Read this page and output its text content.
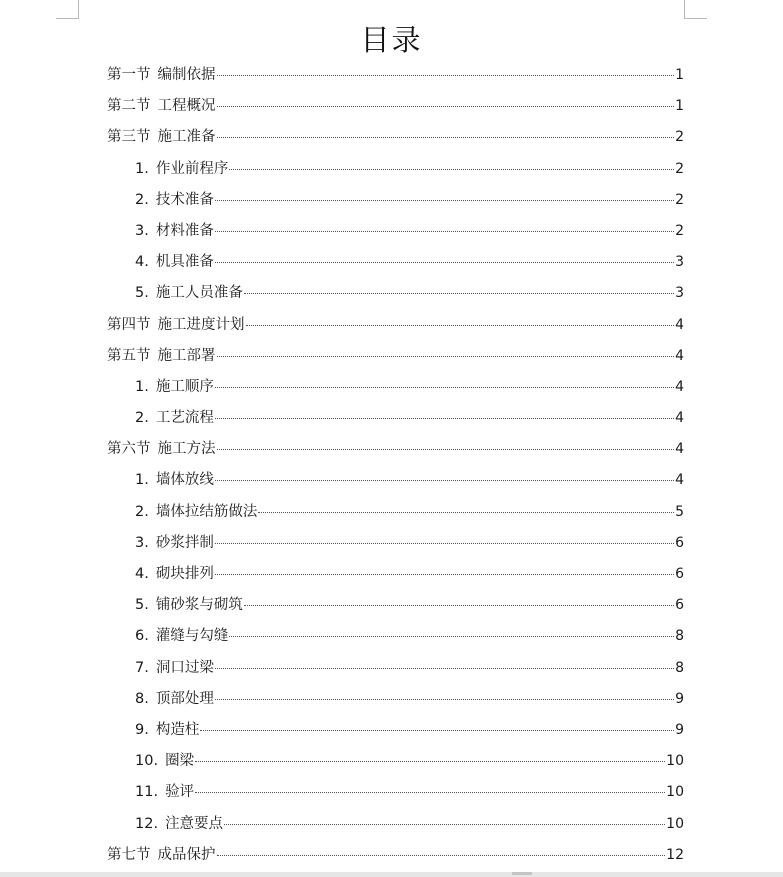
目录
第一节 编制依据	1
第二节 工程概况	1
第三节 施工准备	2
1. 作业前程序	2
2. 技术准备	2
3. 材料准备	2
4. 机具准备	3
5. 施工人员准备	3
第四节 施工进度计划	4
第五节 施工部署	4
1. 施工顺序	4
2. 工艺流程	4
第六节 施工方法	4
1. 墙体放线	4
2. 墙体拉结筋做法	5
3. 砂浆拌制	6
4. 砌块排列	6
5. 铺砂浆与砌筑	6
6. 灌缝与勾缝	8
7. 洞口过梁	8
8. 顶部处理	9
9. 构造柱	9
10. 圈梁	10
11. 验评	10
12. 注意要点	10
第七节 成品保护	12
